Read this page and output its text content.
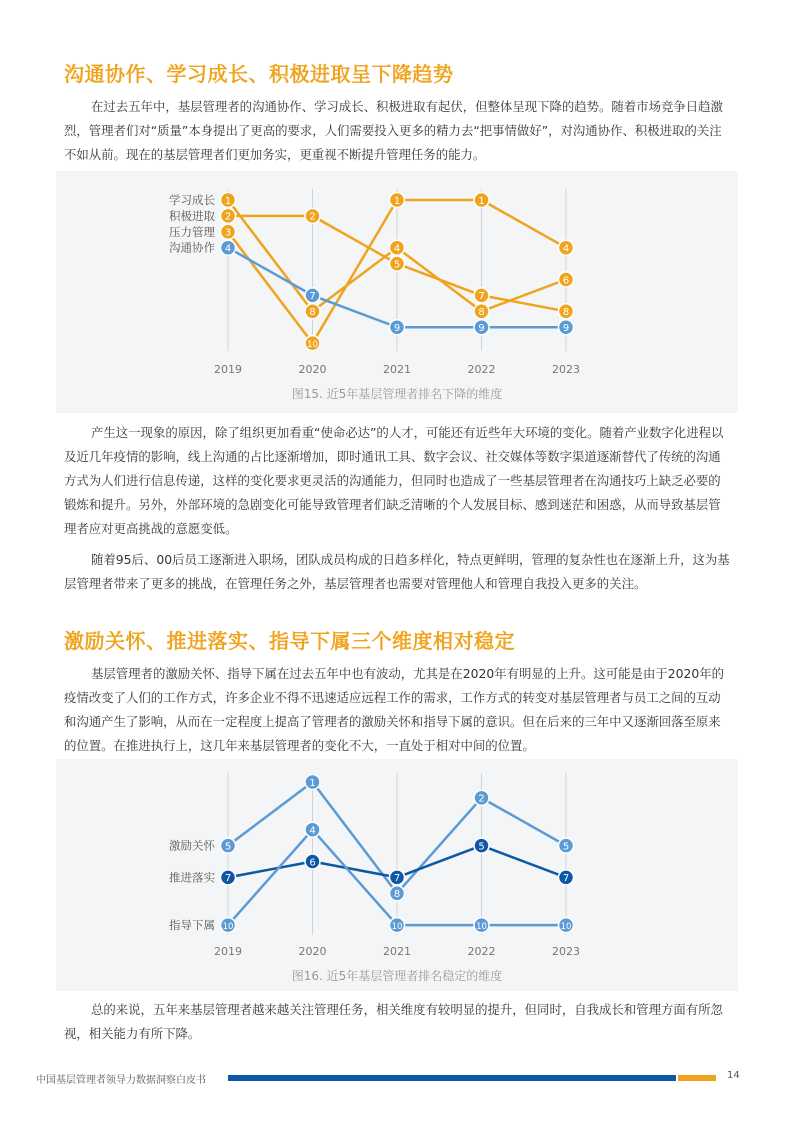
沟通协作、学习成长、积极进取呈下降趋势

在过去五年中，基层管理者的沟通协作、学习成长、积极进取有起伏，但整体呈现下降的趋势。随着市场竞争日趋激烈，管理者们对“质量”本身提出了更高的要求，人们需要投入更多的精力去“把事情做好”，对沟通协作、积极进取的关注不如从前。现在的基层管理者们更加务实，更重视不断提升管理任务的能力。

2019	2020	2021	2022	2023
1
8
4
8
6
学习成长
2	2
5
7
8
积极进取
3
10
1	1
4
压力管理
4
7
9	9	9
沟通协作
图15. 近5年基层管理者排名下降的维度

产生这一现象的原因，除了组织更加看重“使命必达”的人才，可能还有近些年大环境的变化。随着产业数字化进程以及近几年疫情的影响，线上沟通的占比逐渐增加，即时通讯工具、数字会议、社交媒体等数字渠道逐渐替代了传统的沟通方式为人们进行信息传递，这样的变化要求更灵活的沟通能力，但同时也造成了一些基层管理者在沟通技巧上缺乏必要的锻炼和提升。另外，外部环境的急剧变化可能导致管理者们缺乏清晰的个人发展目标、感到迷茫和困惑，从而导致基层管理者应对更高挑战的意愿变低。

随着95后、00后员工逐渐进入职场，团队成员构成的日趋多样化，特点更鲜明，管理的复杂性也在逐渐上升，这为基层管理者带来了更多的挑战，在管理任务之外，基层管理者也需要对管理他人和管理自我投入更多的关注。

激励关怀、推进落实、指导下属三个维度相对稳定

基层管理者的激励关怀、指导下属在过去五年中也有波动，尤其是在2020年有明显的上升。这可能是由于2020年的疫情改变了人们的工作方式，许多企业不得不迅速适应远程工作的需求，工作方式的转变对基层管理者与员工之间的互动和沟通产生了影响，从而在一定程度上提高了管理者的激励关怀和指导下属的意识。但在后来的三年中又逐渐回落至原来的位置。在推进执行上，这几年来基层管理者的变化不大，一直处于相对中间的位置。

2019	2020	2021	2022	2023
5
1
8
2
5
激励关怀
7
6
7
5
7
推进落实
10
4
10	10	10
指导下属
图16. 近5年基层管理者排名稳定的维度

总的来说，五年来基层管理者越来越关注管理任务，相关维度有较明显的提升，但同时，自我成长和管理方面有所忽视，相关能力有所下降。

中国基层管理者领导力数据洞察白皮书	14
